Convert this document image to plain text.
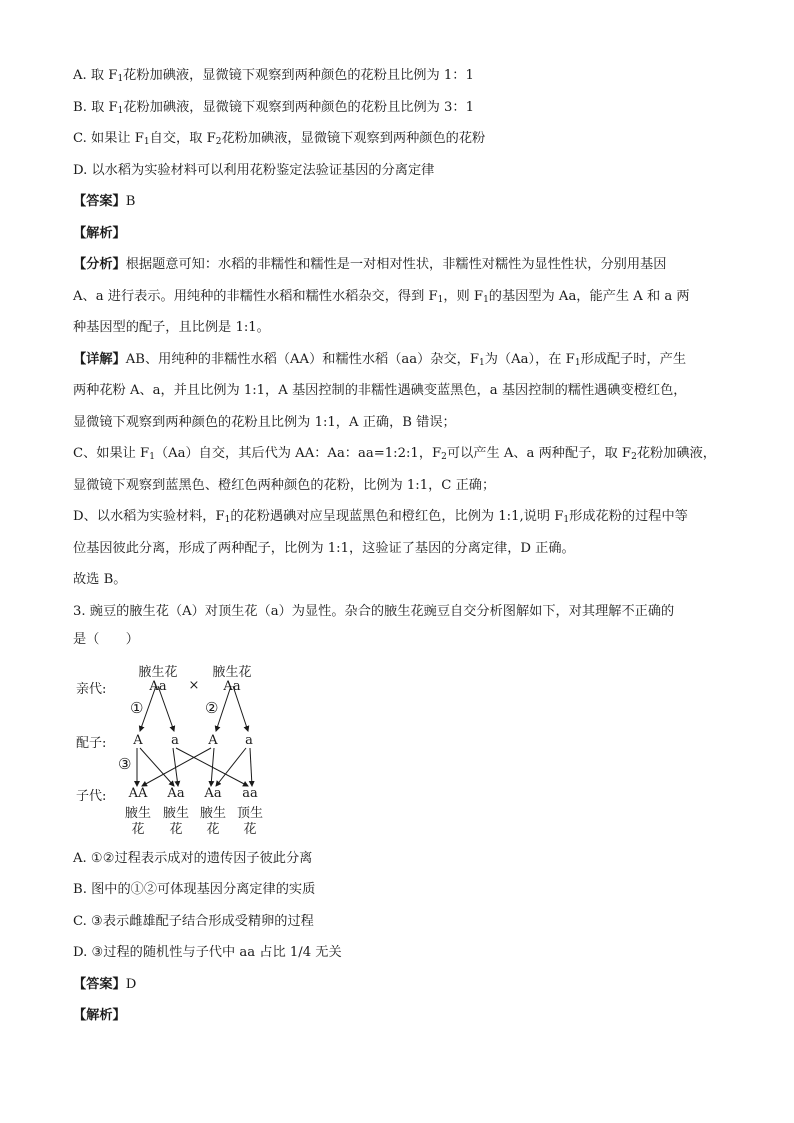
A. 取 $F_1$花粉加碘液，显微镜下观察到两种颜色的花粉且比例为 1：1
B. 取 $F_1$花粉加碘液，显微镜下观察到两种颜色的花粉且比例为 3：1
C. 如果让 $F_1$自交，取 $F_2$花粉加碘液，显微镜下观察到两种颜色的花粉
D. 以水稻为实验材料可以利用花粉鉴定法验证基因的分离定律
【答案】B
【解析】
【分析】根据题意可知：水稻的非糯性和糯性是一对相对性状，非糯性对糯性为显性性状，分别用基因
A、a 进行表示。用纯种的非糯性水稻和糯性水稻杂交，得到 $F_1$，则 $F_1$的基因型为 Aa，能产生 A 和 a 两
种基因型的配子，且比例是 1:1。
【详解】AB、用纯种的非糯性水稻（AA）和糯性水稻（aa）杂交，$F_1$为（Aa），在 $F_1$形成配子时，产生
两种花粉 A、a，并且比例为 1:1，A 基因控制的非糯性遇碘变蓝黑色，a 基因控制的糯性遇碘变橙红色，
显微镜下观察到两种颜色的花粉且比例为 1:1，A 正确，B 错误；
C、如果让 $F_1(Aa)$自交，其后代为 AA：Aa：aa=1:2:1，$F_2$可以产生 A、a 两种配子，取 $F_2$花粉加碘液，
显微镜下观察到蓝黑色、橙红色两种颜色的花粉，比例为 1:1，C 正确；
D、以水稻为实验材料，$F_1$的花粉遇碘对应呈现蓝黑色和橙红色，比例为 1:1,说明 $F_1$形成花粉的过程中等
位基因彼此分离，形成了两种配子，比例为 1:1，这验证了基因的分离定律，D 正确。
故选 B。
3. 豌豆的腋生花（A）对顶生花（a）为显性。杂合的腋生花豌豆自交分析图解如下，对其理解不正确的
是（　　）
A. ①②过程表示成对的遗传因子彼此分离
B. 图中的①②可体现基因分离定律的实质
C. ③表示雌雄配子结合形成受精卵的过程
D. ③过程的随机性与子代中 aa 占比 1/4 无关
【答案】D
【解析】
亲代:
配子:
子代:
腋生花
Aa ×
腋生花
Aa
①	②
③
A a A a
AA Aa Aa aa
腋生 腋生 腋生 顶生
花 花 花 花
